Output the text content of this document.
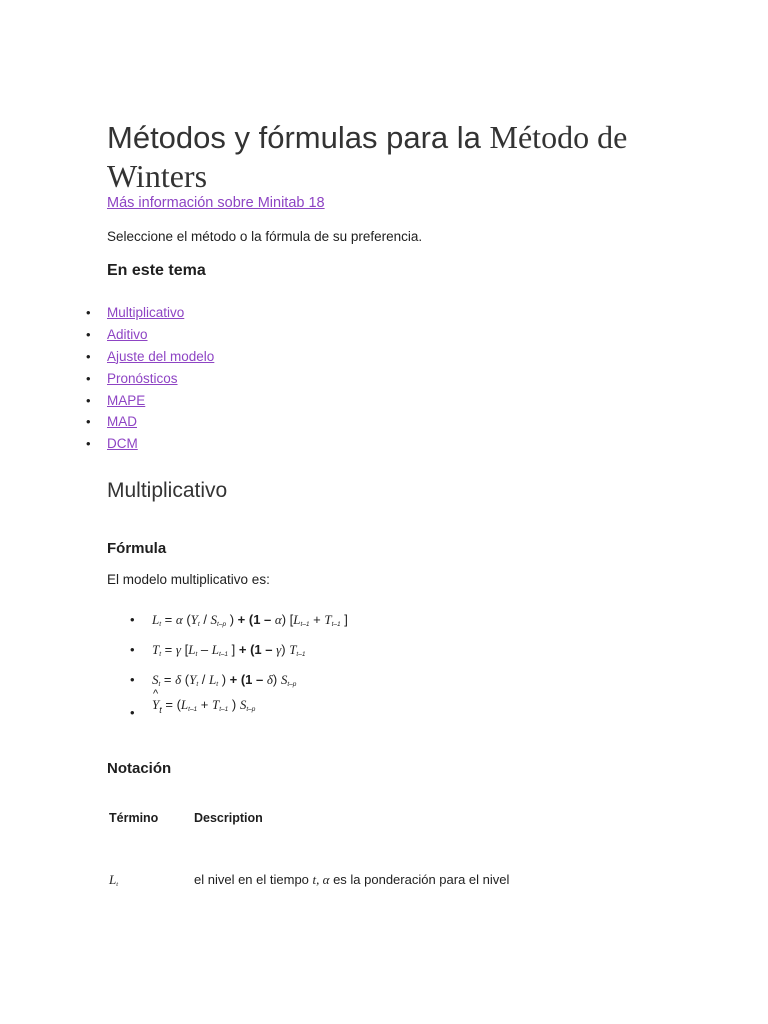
Métodos y fórmulas para la Método de Winters
Más información sobre Minitab 18
Seleccione el método o la fórmula de su preferencia.
En este tema
• Multiplicativo
• Aditivo
• Ajuste del modelo
• Pronósticos
• MAPE
• MAD
• DCM
Multiplicativo
Fórmula
El modelo multiplicativo es:
• $L_t = \alpha$ ($Y_t / S_{t-p}$ ) + (1 – α) [$L_{t-1} + T_{t-1}$ ]
• $T_t = \gamma$ [$L_t - L_{t-1}$ ] + (1 – γ) $T_{t-1}$
• $S_t = \delta$ ($Y_t / L_t$ ) + (1 – δ) $S_{t-p}$
•
^
$Y_t = (L_{t-1} + T_{t-1}$ ) $S_{t-p}$
Notación
Término	Description
$L_t$	el nivel en el tiempo t, α es la ponderación para el nivel
